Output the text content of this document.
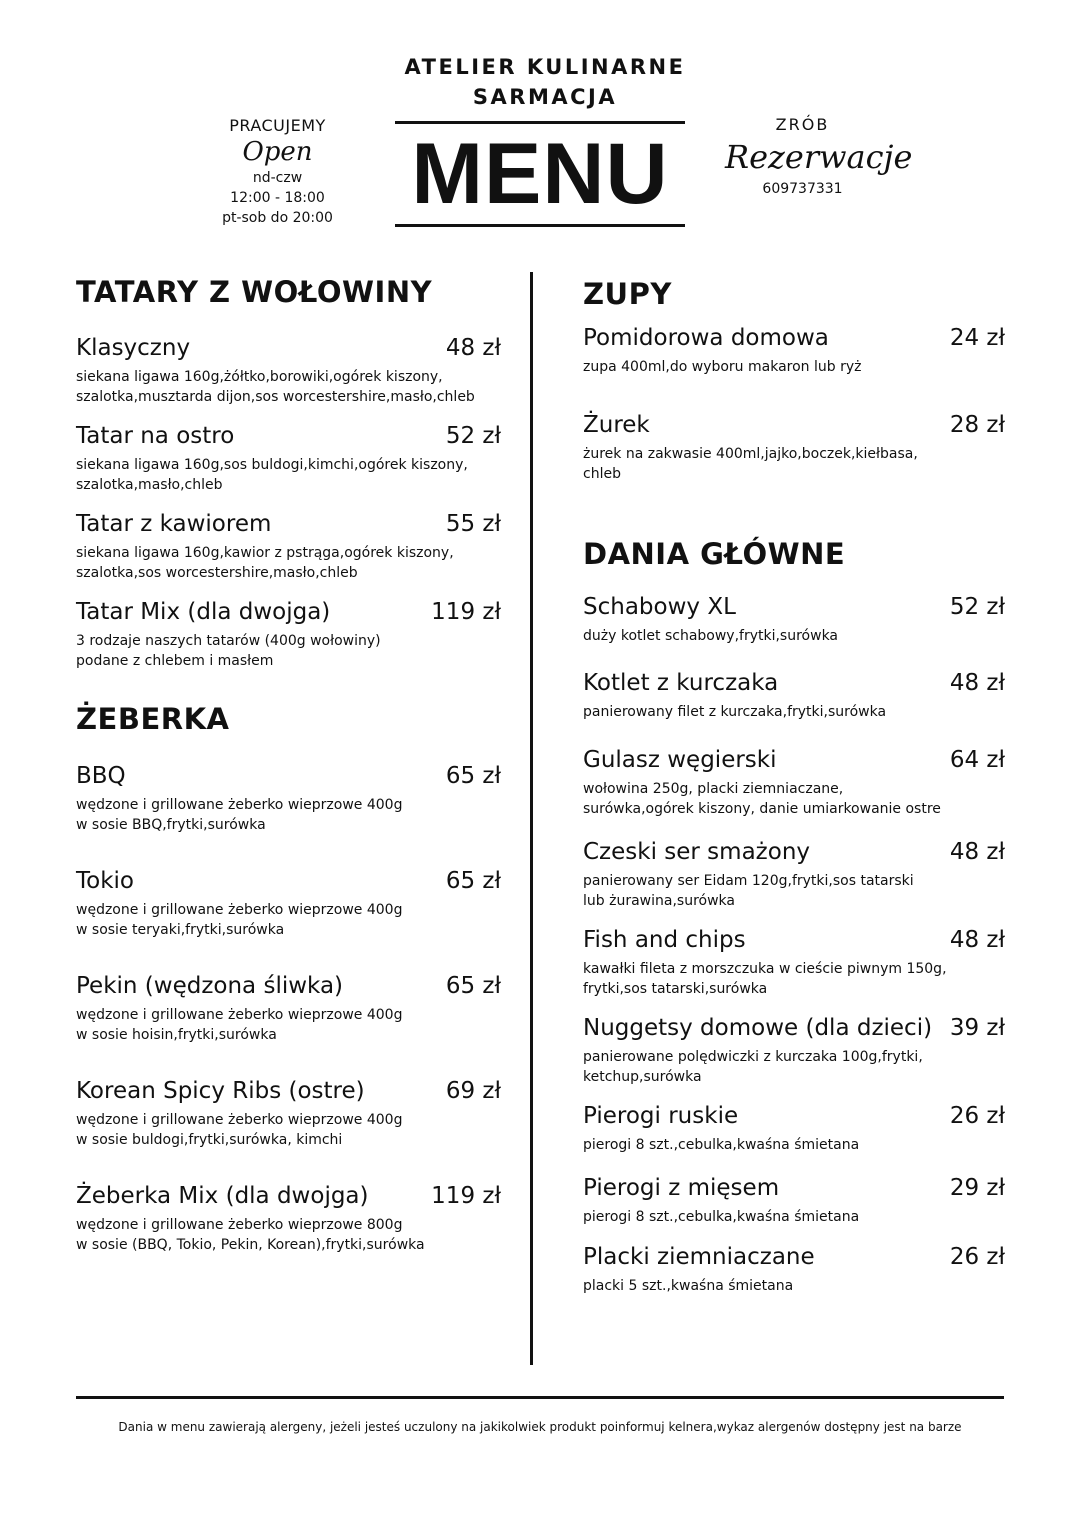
ATELIER KULINARNE
SARMACJA
MENU
PRACUJEMY
Open
nd-czw
12:00 - 18:00
pt-sob do 20:00
ZRÓB
Rezerwacje
609737331
TATARY Z WOŁOWINY
Klasyczny	48 zł
siekana ligawa 160g,żółtko,borowiki,ogórek kiszony,
szalotka,musztarda dijon,sos worcestershire,masło,chleb
Tatar na ostro	52 zł
siekana ligawa 160g,sos buldogi,kimchi,ogórek kiszony,
szalotka,masło,chleb
Tatar z kawiorem	55 zł
siekana ligawa 160g,kawior z pstrąga,ogórek kiszony,
szalotka,sos worcestershire,masło,chleb
Tatar Mix (dla dwojga)	119 zł
3 rodzaje naszych tatarów (400g wołowiny)
podane z chlebem i masłem
ŻEBERKA
BBQ	65 zł
wędzone i grillowane żeberko wieprzowe 400g
w sosie BBQ,frytki,surówka
Tokio	65 zł
wędzone i grillowane żeberko wieprzowe 400g
w sosie teryaki,frytki,surówka
Pekin (wędzona śliwka)	65 zł
wędzone i grillowane żeberko wieprzowe 400g
w sosie hoisin,frytki,surówka
Korean Spicy Ribs (ostre)	69 zł
wędzone i grillowane żeberko wieprzowe 400g
w sosie buldogi,frytki,surówka, kimchi
Żeberka Mix (dla dwojga)	119 zł
wędzone i grillowane żeberko wieprzowe 800g
w sosie (BBQ, Tokio, Pekin, Korean),frytki,surówka
ZUPY
Pomidorowa domowa	24 zł
zupa 400ml,do wyboru makaron lub ryż
Żurek	28 zł
żurek na zakwasie 400ml,jajko,boczek,kiełbasa,
chleb
DANIA GŁÓWNE
Schabowy XL	52 zł
duży kotlet schabowy,frytki,surówka
Kotlet z kurczaka	48 zł
panierowany filet z kurczaka,frytki,surówka
Gulasz węgierski	64 zł
wołowina 250g, placki ziemniaczane,
surówka,ogórek kiszony, danie umiarkowanie ostre
Czeski ser smażony	48 zł
panierowany ser Eidam 120g,frytki,sos tatarski
lub żurawina,surówka
Fish and chips	48 zł
kawałki fileta z morszczuka w cieście piwnym 150g,
frytki,sos tatarski,surówka
Nuggetsy domowe (dla dzieci) 39 zł
panierowane polędwiczki z kurczaka 100g,frytki,
ketchup,surówka
Pierogi ruskie	26 zł
pierogi 8 szt.,cebulka,kwaśna śmietana
Pierogi z mięsem	29 zł
pierogi 8 szt.,cebulka,kwaśna śmietana
Placki ziemniaczane	26 zł
placki 5 szt.,kwaśna śmietana
Dania w menu zawierają alergeny, jeżeli jesteś uczulony na jakikolwiek produkt poinformuj kelnera,wykaz alergenów dostępny jest na barze
